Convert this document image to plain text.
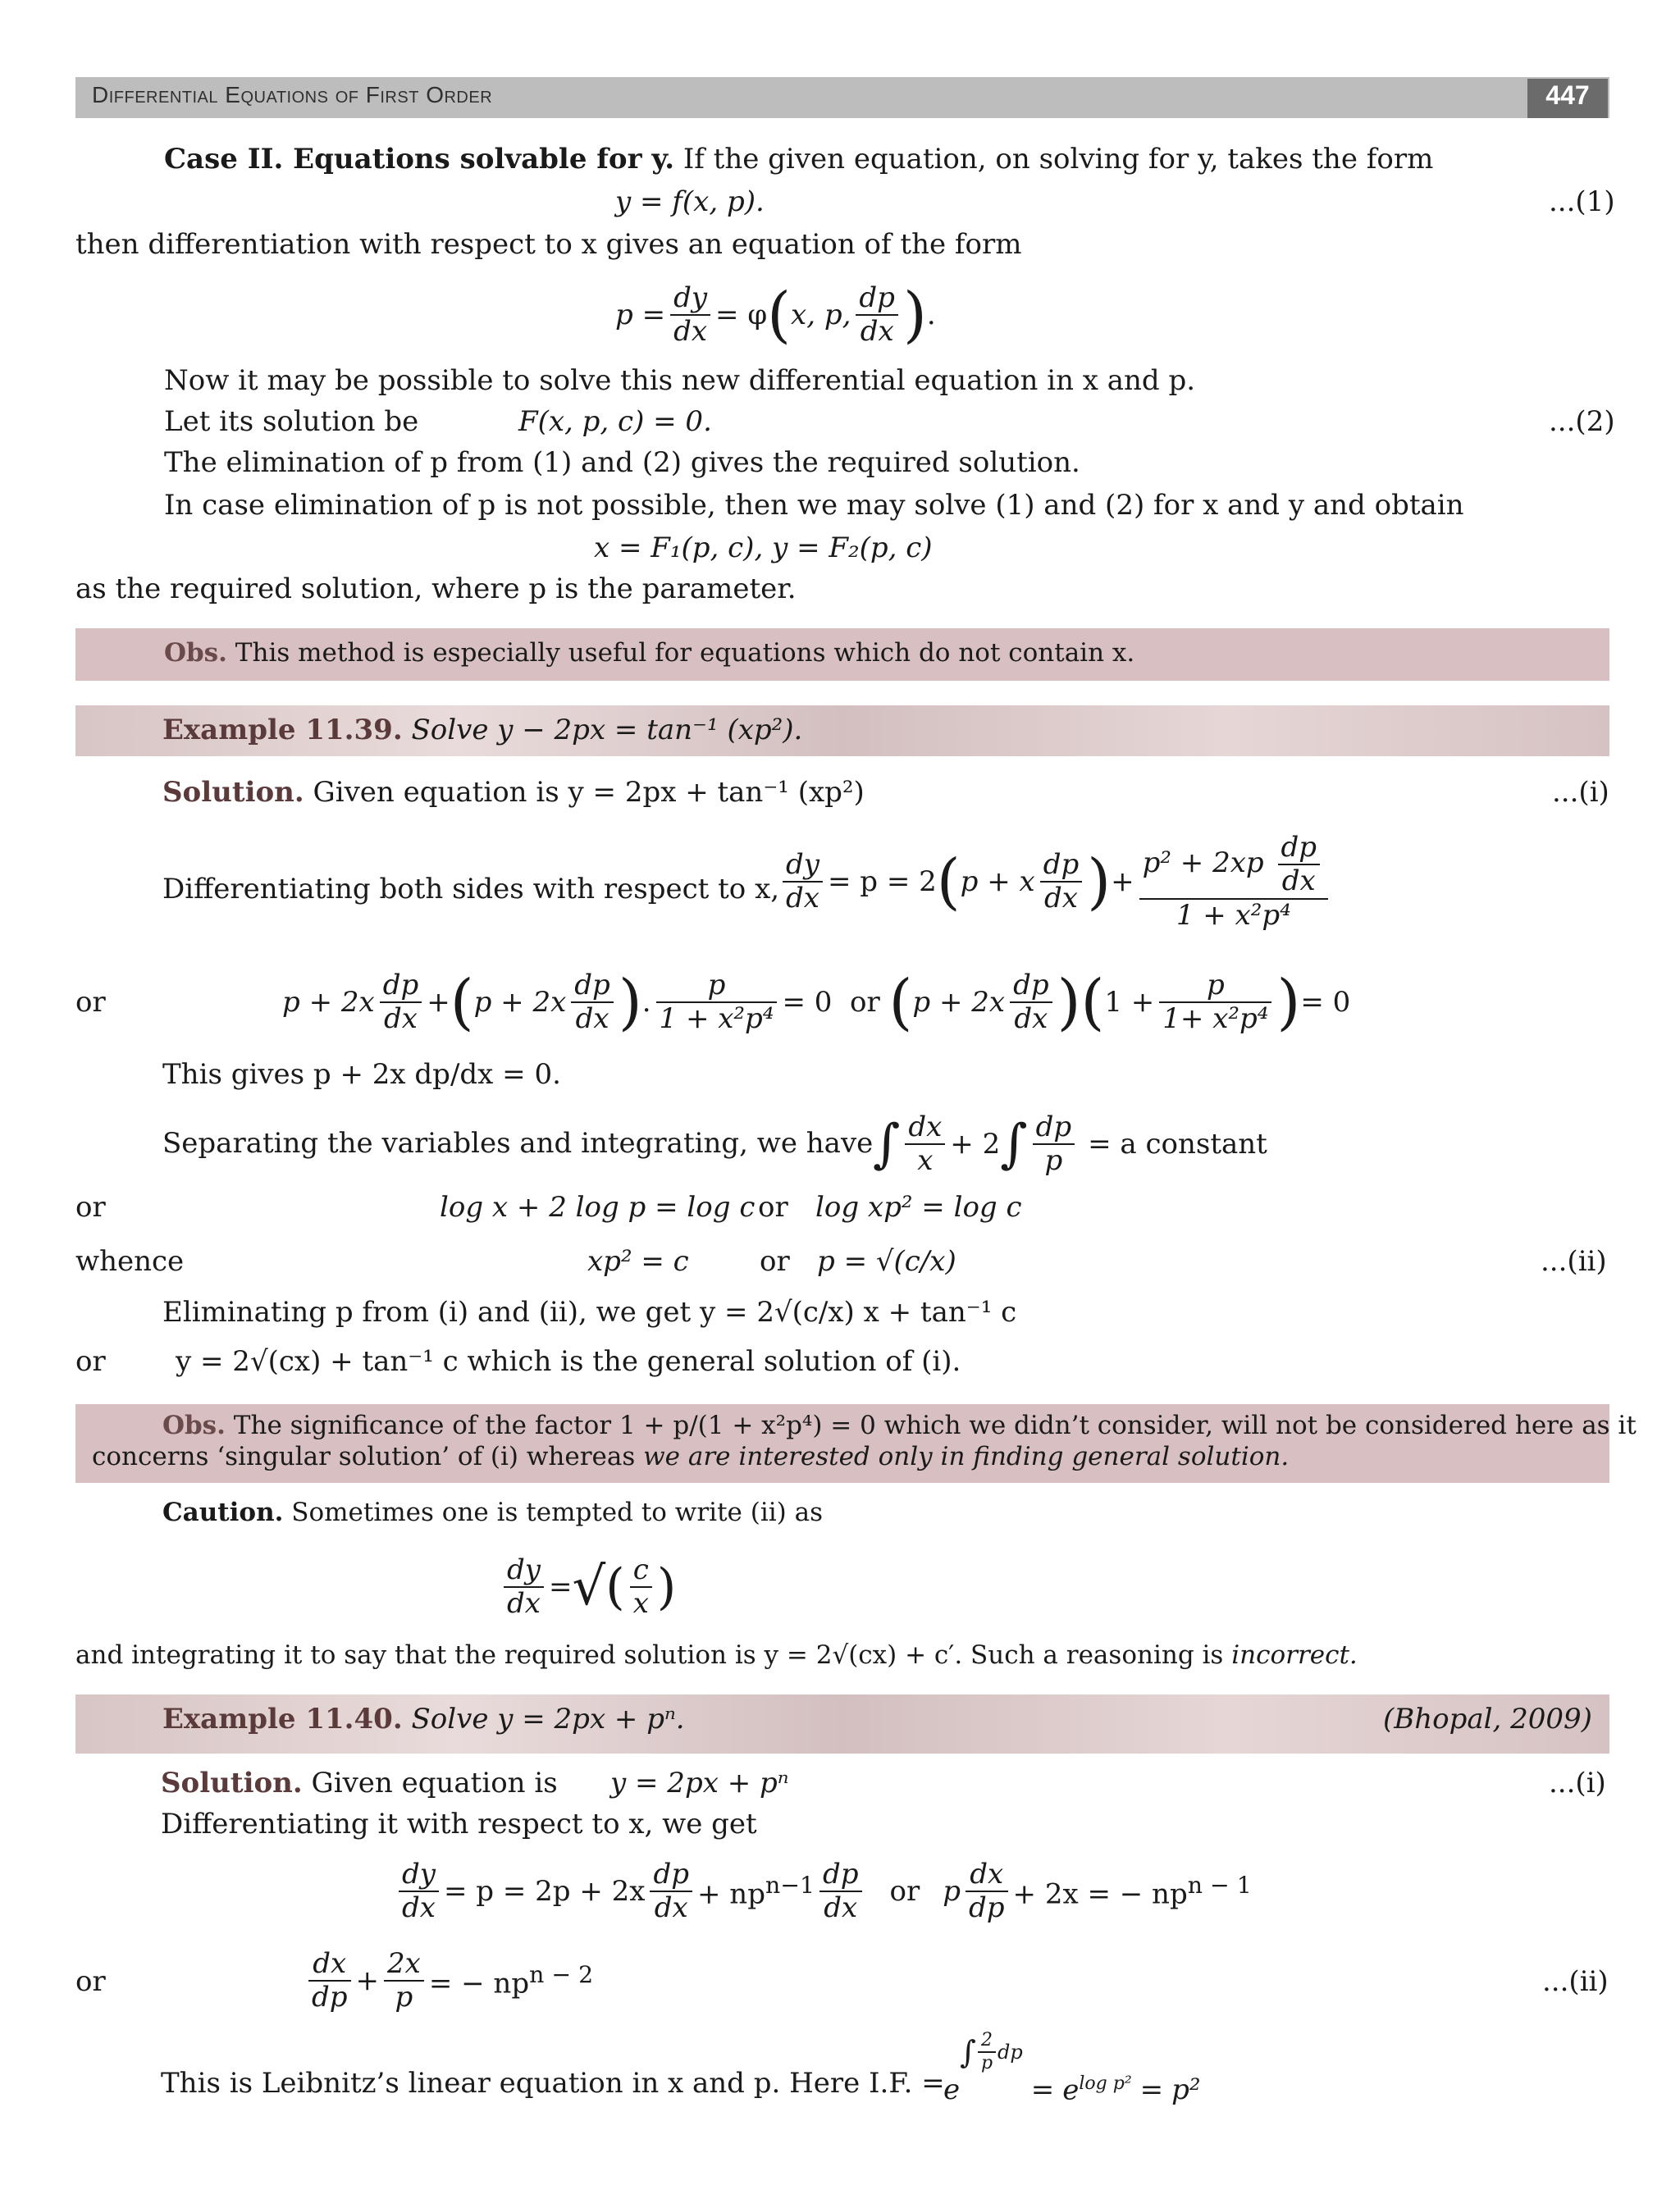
Differential Equations of First Order	447
Case II. Equations solvable for y. If the given equation, on solving for y, takes the form
y = f(x, p).	...(1)
then differentiation with respect to x gives an equation of the form
$p = \frac{dy}{dx} = \varphi$ ( x, p, $\frac{dp}{dx}$ ) .
Now it may be possible to solve this new differential equation in x and p.
Let its solution be	F(x, p, c) = 0.	...(2)
The elimination of p from (1) and (2) gives the required solution.
In case elimination of p is not possible, then we may solve (1) and (2) for x and y and obtain
x = F₁(p, c), y = F₂(p, c)
as the required solution, where p is the parameter.
Obs. This method is especially useful for equations which do not contain x.
Example 11.39. Solve y − 2px = tan⁻¹ (xp²).
Solution. Given equation is y = 2px + tan⁻¹ (xp²)	...(i)
Differentiating both sides with respect to x, $\frac{dy}{dx} = p = 2$ ( p + x $\frac{dp}{dx}$ ) + $\frac{p^2 + 2xp \frac{dp}{dx}}{\text{1 + x²p⁴}}$
or	$p + 2x \frac{dp}{dx}$ + ( $p + 2x \frac{dp}{dx}$ ) . $\frac{p}{\text{1 + x²p⁴}} = 0$  or ( $p + 2x \frac{dp}{dx}$ )( $1 + \frac{p}{\text{1+ x²p⁴}}$ ) = 0
This gives p + 2x dp/dx = 0.
Separating the variables and integrating, we have ∫ $\frac{dx}{x} + 2$ ∫ $\frac{dp}{p} = a$ constant
or	log x + 2 log p = log c or log xp² = log c
whence	xp² = c	or p = √(c/x)	...(ii)
Eliminating p from (i) and (ii), we get y = 2√(c/x) x + tan⁻¹ c
or	y = 2√(cx) + tan⁻¹ c which is the general solution of (i).
Obs. The significance of the factor 1 + p/(1 + x²p⁴) = 0 which we didn’t consider, will not be considered here as it
concerns ‘singular solution’ of (i) whereas we are interested only in finding general solution.
Caution. Sometimes one is tempted to write (ii) as
$\frac{dy}{dx}$ = √ ( $\frac{c}{x}$ )
and integrating it to say that the required solution is y = 2√(cx) + c′. Such a reasoning is incorrect.
Example 11.40. Solve y = 2px + pⁿ.	(Bhopal, 2009)
Solution. Given equation is y = 2px + pⁿ	...(i)
Differentiating it with respect to x, we get
$\frac{dy}{dx} = p = 2p + 2x \frac{dp}{dx} + np^{n-1} \frac{dp}{dx}$ or p $\frac{dx}{dp} + 2x$ = − $np^{n - 1}$
or	$\frac{dx}{dp} + \frac{2x}{p}$ = − $np^{n - 2}$	...(ii)
This is Leibnitz’s linear equation in x and p. Here I.F. =
e
∫ $\frac{2}{p}$ dp
= $e^{log p^2} = p^2$
